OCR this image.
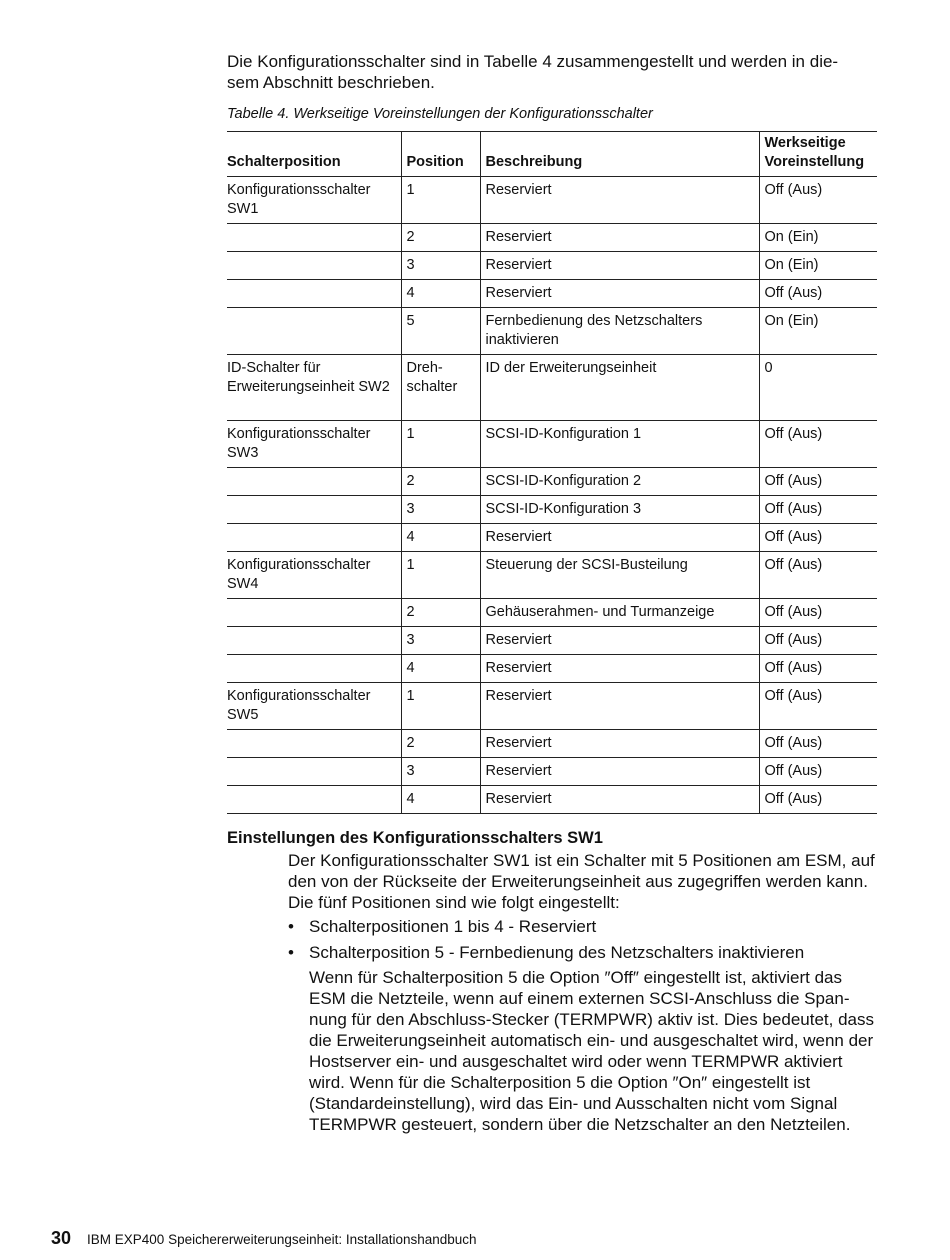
Die Konfigurationsschalter sind in Tabelle 4 zusammengestellt und werden in die-sem Abschnitt beschrieben.

Tabelle 4. Werkseitige Voreinstellungen der Konfigurationsschalter

Schalterposition	Position	Beschreibung	Werkseitige Voreinstellung
Konfigurationsschalter SW1	1	Reserviert	Off (Aus)
	2	Reserviert	On (Ein)
	3	Reserviert	On (Ein)
	4	Reserviert	Off (Aus)
	5	Fernbedienung des Netzschalters inaktivieren	On (Ein)
ID-Schalter für Erweiterungseinheit SW2	Dreh-schalter	ID der Erweiterungseinheit	0
Konfigurationsschalter SW3	1	SCSI-ID-Konfiguration 1	Off (Aus)
	2	SCSI-ID-Konfiguration 2	Off (Aus)
	3	SCSI-ID-Konfiguration 3	Off (Aus)
	4	Reserviert	Off (Aus)
Konfigurationsschalter SW4	1	Steuerung der SCSI-Busteilung	Off (Aus)
	2	Gehäuserahmen- und Turmanzeige	Off (Aus)
	3	Reserviert	Off (Aus)
	4	Reserviert	Off (Aus)
Konfigurationsschalter SW5	1	Reserviert	Off (Aus)
	2	Reserviert	Off (Aus)
	3	Reserviert	Off (Aus)
	4	Reserviert	Off (Aus)
Einstellungen des Konfigurationsschalters SW1

Der Konfigurationsschalter SW1 ist ein Schalter mit 5 Positionen am ESM, auf den von der Rückseite der Erweiterungseinheit aus zugegriffen werden kann. Die fünf Positionen sind wie folgt eingestellt:

• Schalterpositionen 1 bis 4 - Reserviert
• Schalterposition 5 - Fernbedienung des Netzschalters inaktivieren

Wenn für Schalterposition 5 die Option ″Off″ eingestellt ist, aktiviert das ESM die Netzteile, wenn auf einem externen SCSI-Anschluss die Span-nung für den Abschluss-Stecker (TERMPWR) aktiv ist. Dies bedeutet, dass die Erweiterungseinheit automatisch ein- und ausgeschaltet wird, wenn der Hostserver ein- und ausgeschaltet wird oder wenn TERMPWR aktiviert wird. Wenn für die Schalterposition 5 die Option ″On″ eingestellt ist (Standardeinstellung), wird das Ein- und Ausschalten nicht vom Signal TERMPWR gesteuert, sondern über die Netzschalter an den Netzteilen.

30 IBM EXP400 Speichererweiterungseinheit: Installationshandbuch
